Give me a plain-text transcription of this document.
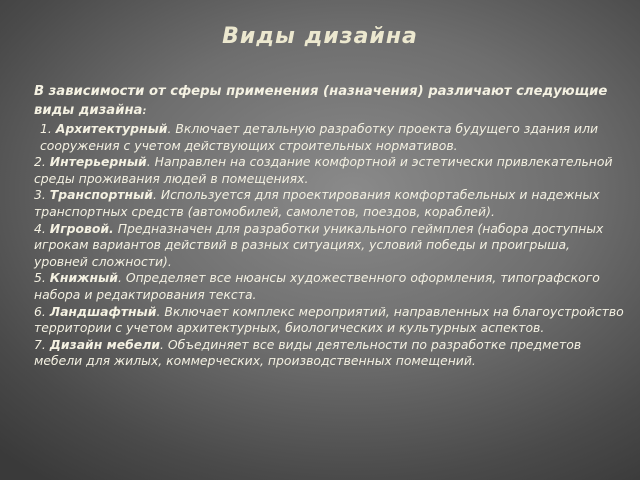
Виды дизайна

В зависимости от сферы применения (назначения) различают следующие виды дизайна:

1. Архитектурный. Включает детальную разработку проекта будущего здания или сооружения с учетом действующих строительных нормативов.

2. Интерьерный. Направлен на создание комфортной и эстетически привлекательной среды проживания людей в помещениях.

3. Транспортный. Используется для проектирования комфортабельных и надежных транспортных средств (автомобилей, самолетов, поездов, кораблей).

4. Игровой. Предназначен для разработки уникального геймплея (набора доступных игрокам вариантов действий в разных ситуациях, условий победы и проигрыша, уровней сложности).

5. Книжный. Определяет все нюансы художественного оформления, типографского набора и редактирования текста.

6. Ландшафтный. Включает комплекс мероприятий, направленных на благоустройство территории с учетом архитектурных, биологических и культурных аспектов.

7. Дизайн мебели. Объединяет все виды деятельности по разработке предметов мебели для жилых, коммерческих, производственных помещений.
